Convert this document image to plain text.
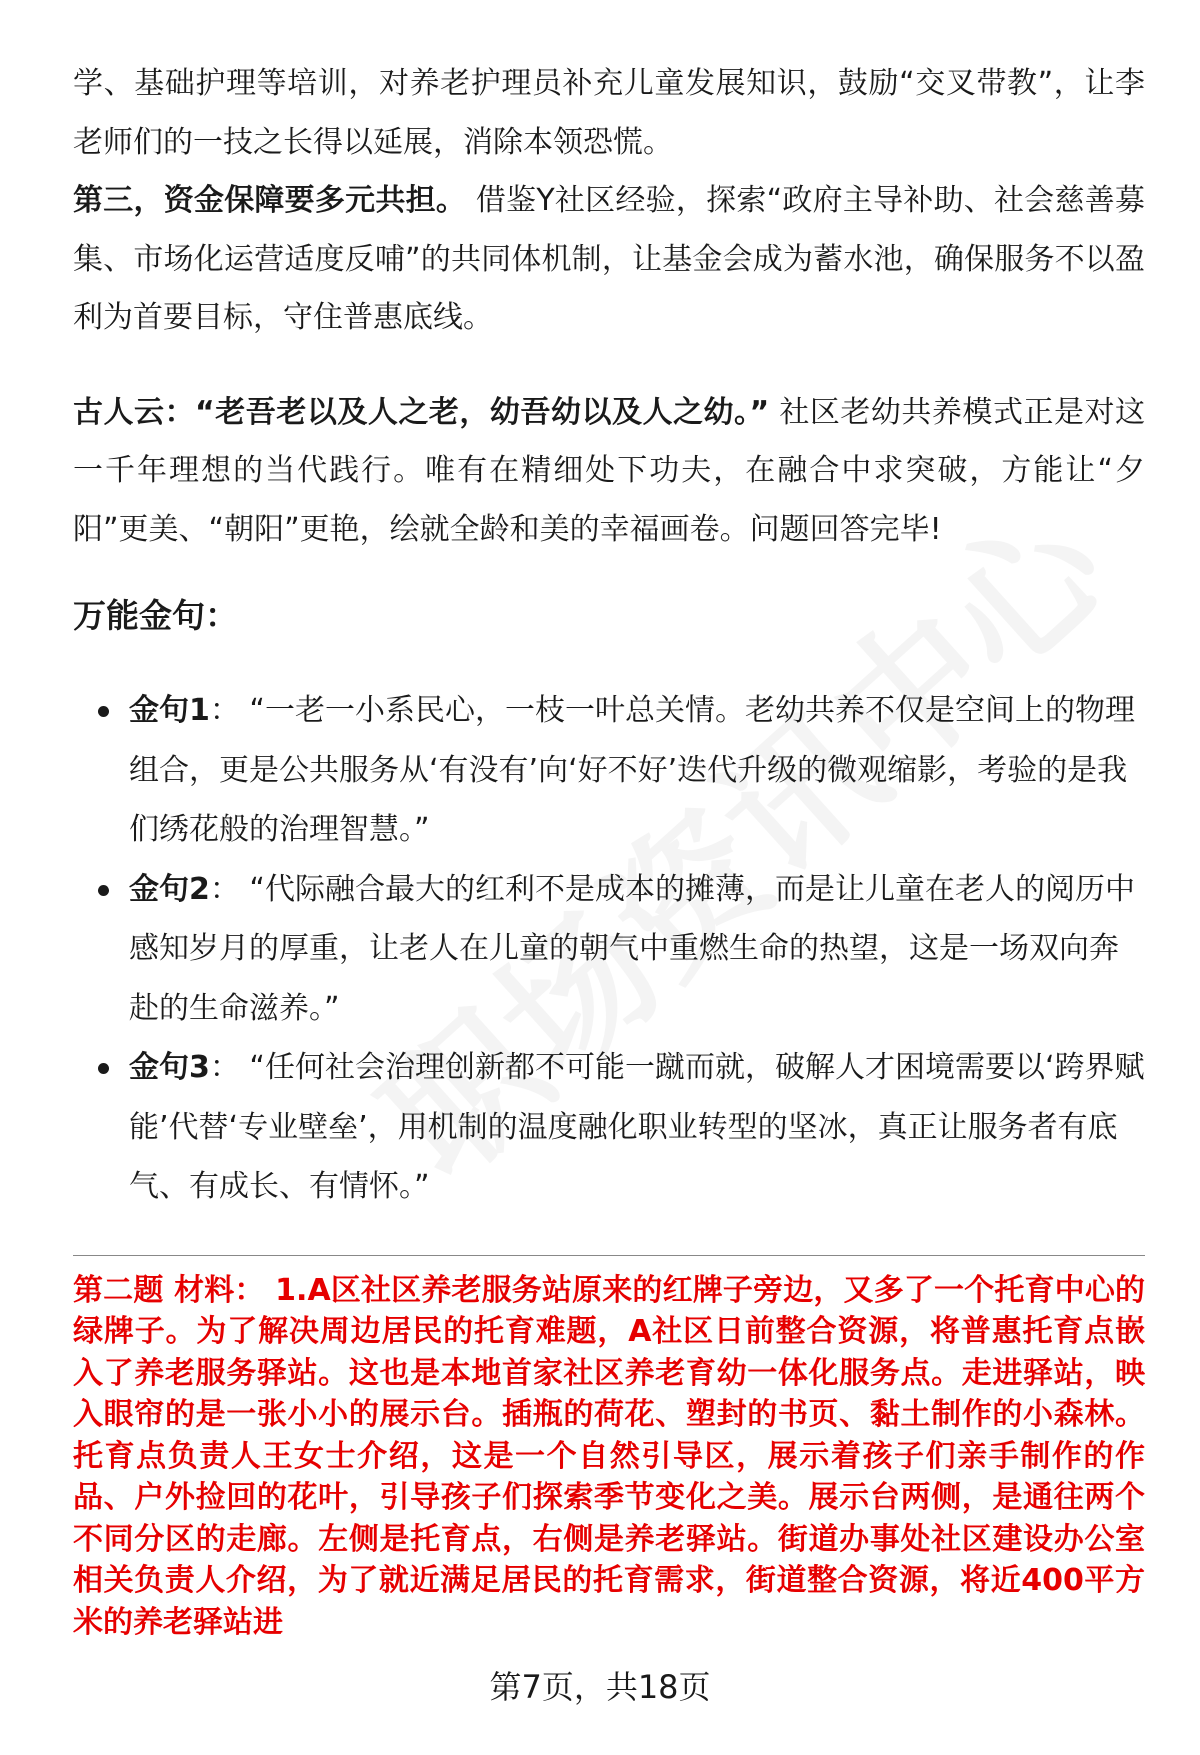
学、基础护理等培训，对养老护理员补充儿童发展知识，鼓励“交叉带教”，让李老师们的一技之长得以延展，消除本领恐慌。

第三，资金保障要多元共担。 借鉴Y社区经验，探索“政府主导补助、社会慈善募集、市场化运营适度反哺”的共同体机制，让基金会成为蓄水池，确保服务不以盈利为首要目标，守住普惠底线。

古人云：“老吾老以及人之老，幼吾幼以及人之幼。” 社区老幼共养模式正是对这一千年理想的当代践行。唯有在精细处下功夫，在融合中求突破，方能让“夕阳”更美、“朝阳”更艳，绘就全龄和美的幸福画卷。问题回答完毕!

万能金句：
金句1： “一老一小系民心，一枝一叶总关情。老幼共养不仅是空间上的物理组合，更是公共服务从‘有没有’向‘好不好’迭代升级的微观缩影，考验的是我们绣花般的治理智慧。”
金句2： “代际融合最大的红利不是成本的摊薄，而是让儿童在老人的阅历中感知岁月的厚重，让老人在儿童的朝气中重燃生命的热望，这是一场双向奔赴的生命滋养。”
金句3： “任何社会治理创新都不可能一蹴而就，破解人才困境需要以‘跨界赋能’代替‘专业壁垒’，用机制的温度融化职业转型的坚冰，真正让服务者有底气、有成长、有情怀。”

第二题 材料： 1.A区社区养老服务站原来的红牌子旁边，又多了一个托育中心的绿牌子。为了解决周边居民的托育难题，A社区日前整合资源，将普惠托育点嵌入了养老服务驿站。这也是本地首家社区养老育幼一体化服务点。走进驿站，映入眼帘的是一张小小的展示台。插瓶的荷花、塑封的书页、黏土制作的小森林。托育点负责人王女士介绍，这是一个自然引导区，展示着孩子们亲手制作的作品、户外捡回的花叶，引导孩子们探索季节变化之美。展示台两侧，是通往两个不同分区的走廊。左侧是托育点，右侧是养老驿站。街道办事处社区建设办公室相关负责人介绍，为了就近满足居民的托育需求，街道整合资源，将近400平方米的养老驿站进

第7页，共18页
